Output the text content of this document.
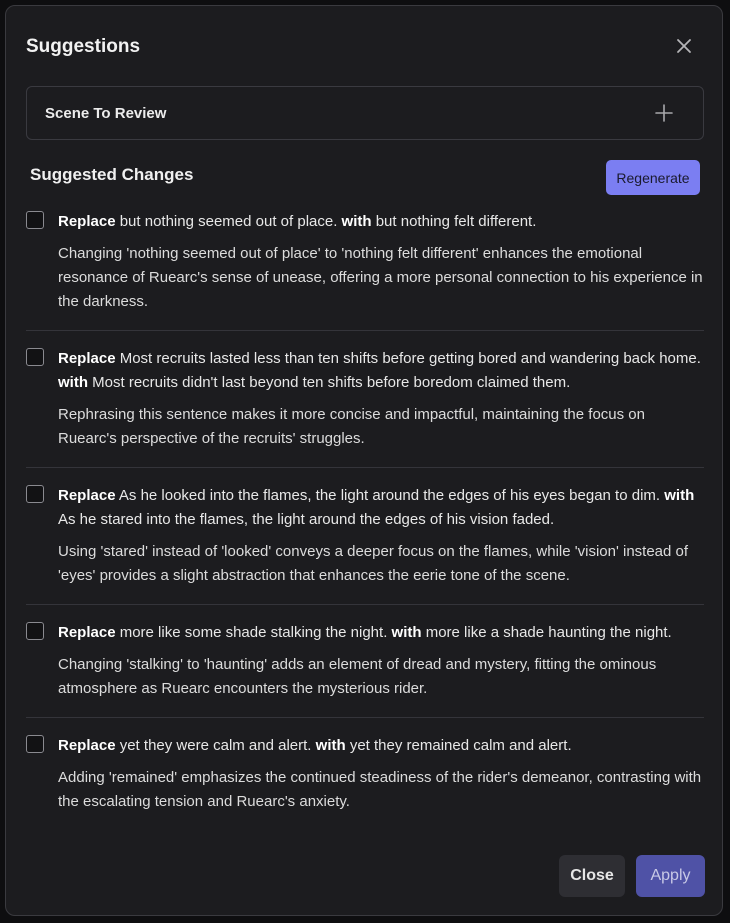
Suggestions
Scene To Review
Suggested Changes	Regenerate
Replace but nothing seemed out of place. with but nothing felt different.
Changing 'nothing seemed out of place' to 'nothing felt different' enhances the emotional resonance of Ruearc's sense of unease, offering a more personal connection to his experience in the darkness.
Replace Most recruits lasted less than ten shifts before getting bored and wandering back home. with Most recruits didn't last beyond ten shifts before boredom claimed them.
Rephrasing this sentence makes it more concise and impactful, maintaining the focus on Ruearc's perspective of the recruits' struggles.
Replace As he looked into the flames, the light around the edges of his eyes began to dim. with As he stared into the flames, the light around the edges of his vision faded.
Using 'stared' instead of 'looked' conveys a deeper focus on the flames, while 'vision' instead of 'eyes' provides a slight abstraction that enhances the eerie tone of the scene.
Replace more like some shade stalking the night. with more like a shade haunting the night.
Changing 'stalking' to 'haunting' adds an element of dread and mystery, fitting the ominous atmosphere as Ruearc encounters the mysterious rider.
Replace yet they were calm and alert. with yet they remained calm and alert.
Adding 'remained' emphasizes the continued steadiness of the rider's demeanor, contrasting with the escalating tension and Ruearc's anxiety.
Close	Apply
